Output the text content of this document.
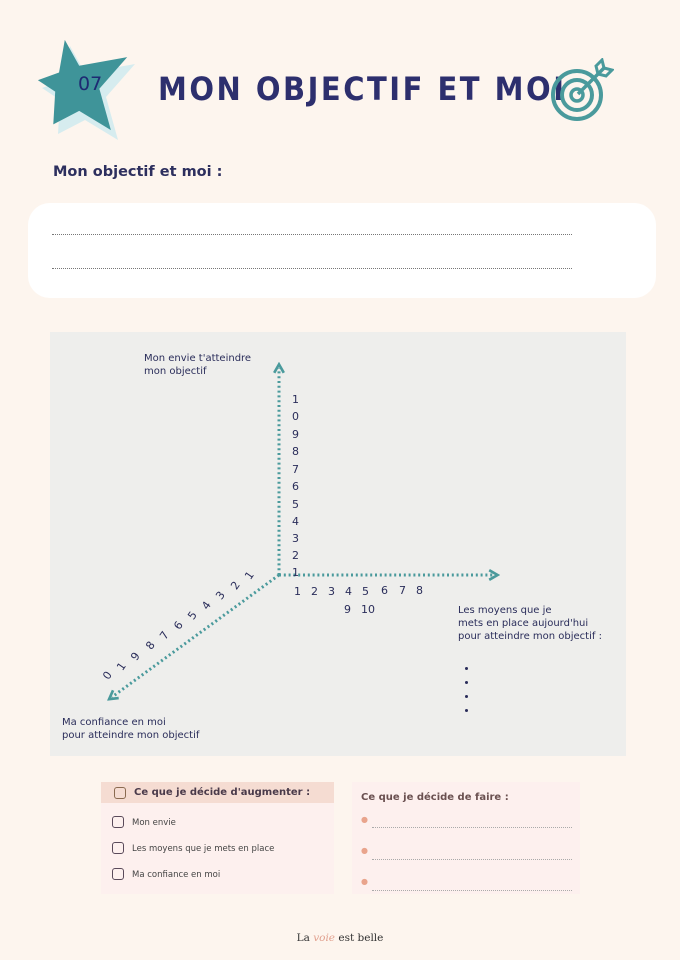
07 MON OBJECTIF ET MOI
Mon objectif et moi :
Mon envie t'atteindre
mon objectif
Les moyens que je
mets en place aujourd'hui
pour atteindre mon objectif :
Ma confiance en moi
pour atteindre mon objectif
1
0
9
8
7
6
5
4
3
2
1
1 2 3 4 5 6 7 8
9 10
1
2
3
4
5
6
7
8
9
1
0
Ce que je décide d'augmenter :
Mon envie
Les moyens que je mets en place
Ma confiance en moi
Ce que je décide de faire :
●
●
●
La voie est belle
